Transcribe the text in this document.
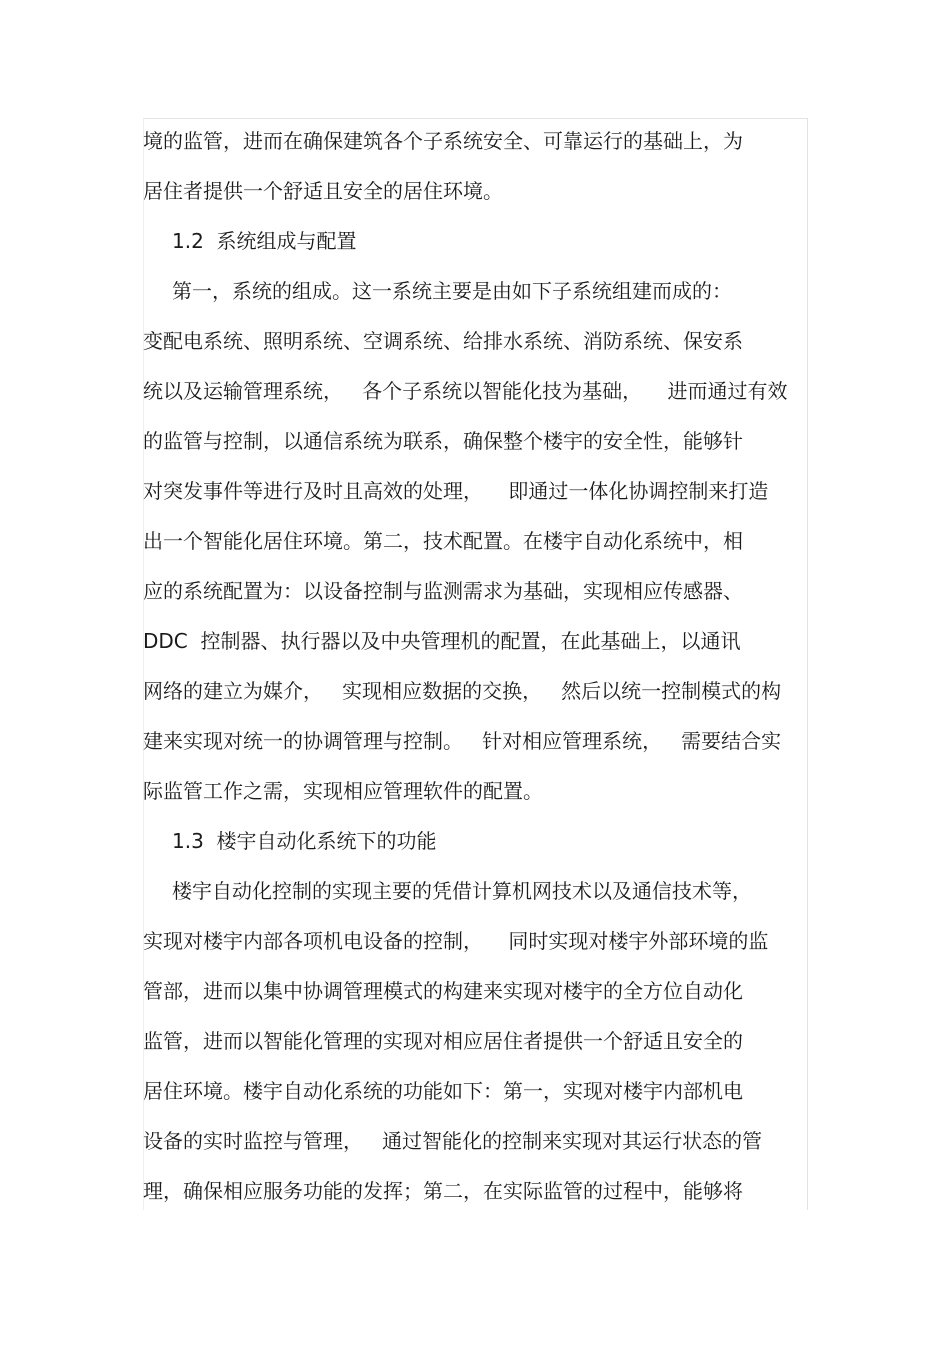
境的监管，进而在确保建筑各个子系统安全、可靠运行的基础上，为
居住者提供一个舒适且安全的居住环境。
1.2  系统组成与配置
第一，系统的组成。这一系统主要是由如下子系统组建而成的：
变配电系统、照明系统、空调系统、给排水系统、消防系统、保安系
统以及运输管理系统，   各个子系统以智能化技为基础，    进而通过有效
的监管与控制，以通信系统为联系，确保整个楼宇的安全性，能够针
对突发事件等进行及时且高效的处理，    即通过一体化协调控制来打造
出一个智能化居住环境。第二，技术配置。在楼宇自动化系统中，相
应的系统配置为：以设备控制与监测需求为基础，实现相应传感器、
DDC  控制器、执行器以及中央管理机的配置，在此基础上，以通讯
网络的建立为媒介，   实现相应数据的交换，   然后以统一控制模式的构
建来实现对统一的协调管理与控制。   针对相应管理系统，   需要结合实
际监管工作之需，实现相应管理软件的配置。
1.3  楼宇自动化系统下的功能
楼宇自动化控制的实现主要的凭借计算机网技术以及通信技术等，
实现对楼宇内部各项机电设备的控制，    同时实现对楼宇外部环境的监
管部，进而以集中协调管理模式的构建来实现对楼宇的全方位自动化
监管，进而以智能化管理的实现对相应居住者提供一个舒适且安全的
居住环境。楼宇自动化系统的功能如下：第一，实现对楼宇内部机电
设备的实时监控与管理，   通过智能化的控制来实现对其运行状态的管
理，确保相应服务功能的发挥；第二，在实际监管的过程中，能够将
